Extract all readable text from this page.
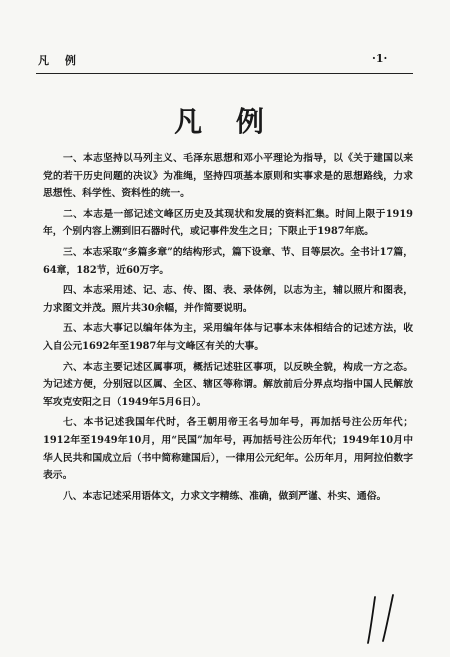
凡 例	·1·
凡 例

一、本志坚持以马列主义、毛泽东思想和邓小平理论为指导，以《关于建国以来党的若干历史问题的决议》为准绳，坚持四项基本原则和实事求是的思想路线，力求思想性、科学性、资料性的统一。

二、本志是一部记述文峰区历史及其现状和发展的资料汇集。时间上限于1919年，个别内容上溯到旧石器时代，或记事件发生之日；下限止于1987年底。

三、本志采取“多篇多章”的结构形式，篇下设章、节、目等层次。全书计17篇，64章，182节，近60万字。

四、本志采用述、记、志、传、图、表、录体例，以志为主，辅以照片和图表，力求图文并茂。照片共30余幅，并作简要说明。

五、本志大事记以编年体为主，采用编年体与记事本末体相结合的记述方法，收入自公元1692年至1987年与文峰区有关的大事。

六、本志主要记述区属事项，概括记述驻区事项，以反映全貌，构成一方之态。为记述方便，分别冠以区属、全区、辖区等称谓。解放前后分界点均指中国人民解放军攻克安阳之日（1949年5月6日）。

七、本书记述我国年代时，各王朝用帝王名号加年号，再加括号注公历年代；1912年至1949年10月，用“民国”加年号，再加括号注公历年代；1949年10月中华人民共和国成立后（书中简称建国后），一律用公元纪年。公历年月，用阿拉伯数字表示。

八、本志记述采用语体文，力求文字精练、准确，做到严谨、朴实、通俗。
